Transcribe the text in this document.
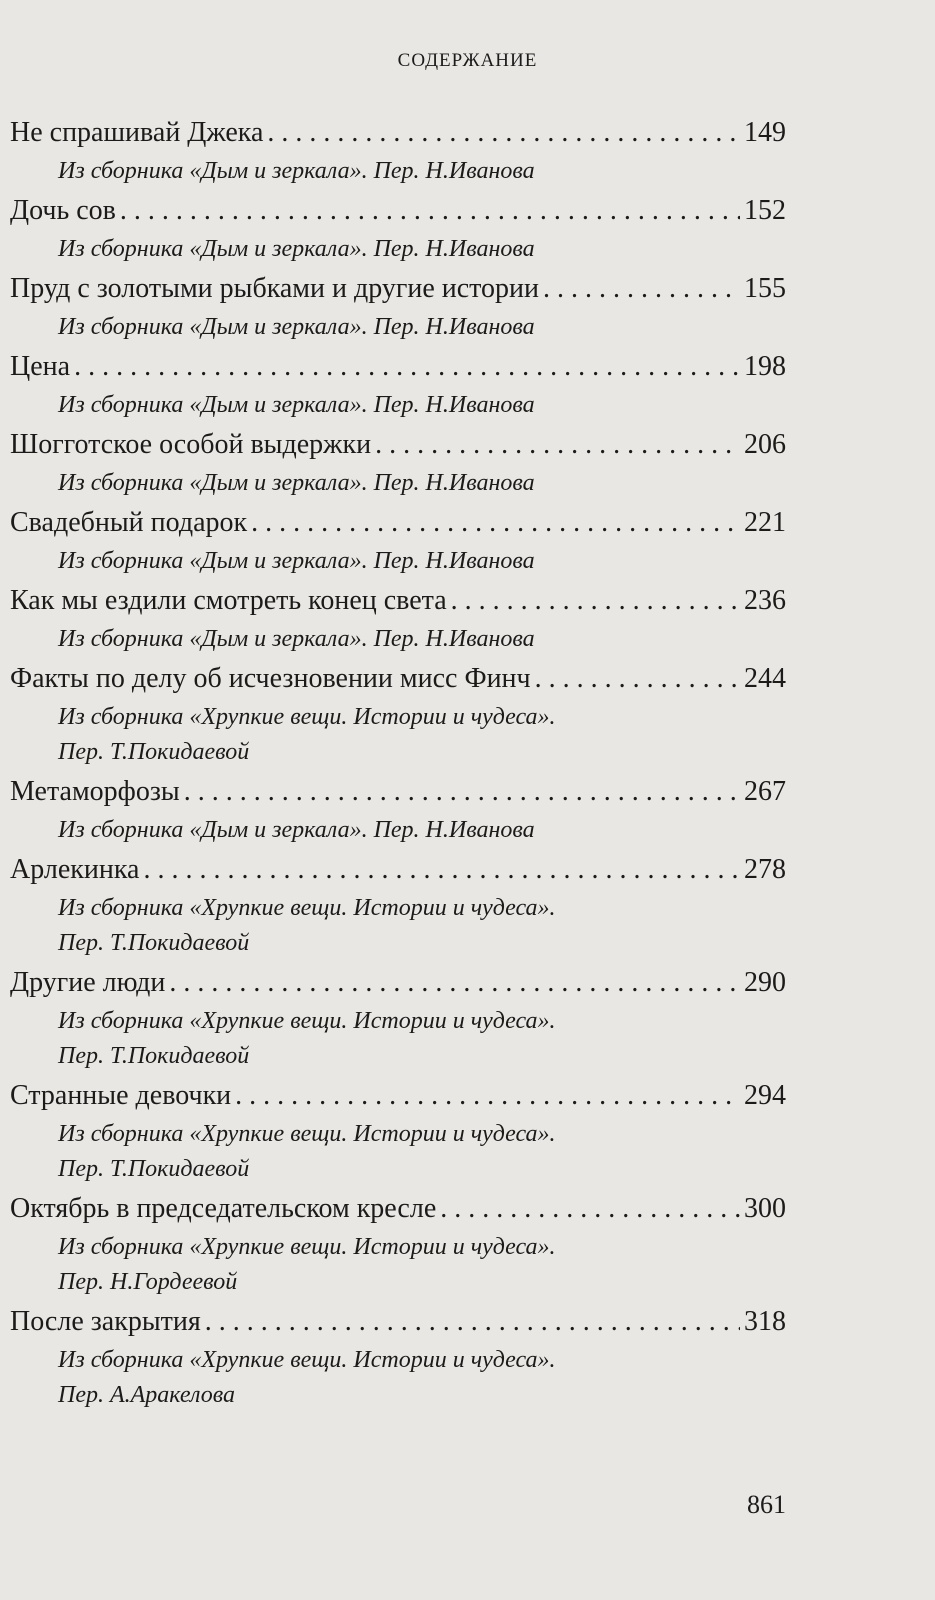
СОДЕРЖАНИЕ
Не спрашивай Джека . . .	149
Из сборника «Дым и зеркала». Пер. Н.Иванова
Дочь сов . . .	152
Из сборника «Дым и зеркала». Пер. Н.Иванова
Пруд с золотыми рыбками и другие истории . . .	155
Из сборника «Дым и зеркала». Пер. Н.Иванова
Цена . . .	198
Из сборника «Дым и зеркала». Пер. Н.Иванова
Шогготское особой выдержки . . .	206
Из сборника «Дым и зеркала». Пер. Н.Иванова
Свадебный подарок . . .	221
Из сборника «Дым и зеркала». Пер. Н.Иванова
Как мы ездили смотреть конец света . . .	236
Из сборника «Дым и зеркала». Пер. Н.Иванова
Факты по делу об исчезновении мисс Финч . . .	244
Из сборника «Хрупкие вещи. Истории и чудеса».
Пер. Т.Покидаевой
Метаморфозы . . .	267
Из сборника «Дым и зеркала». Пер. Н.Иванова
Арлекинка . . .	278
Из сборника «Хрупкие вещи. Истории и чудеса».
Пер. Т.Покидаевой
Другие люди . . .	290
Из сборника «Хрупкие вещи. Истории и чудеса».
Пер. Т.Покидаевой
Странные девочки . . .	294
Из сборника «Хрупкие вещи. Истории и чудеса».
Пер. Т.Покидаевой
Октябрь в председательском кресле . . .	300
Из сборника «Хрупкие вещи. Истории и чудеса».
Пер. Н.Гордеевой
После закрытия . . .	318
Из сборника «Хрупкие вещи. Истории и чудеса».
Пер. А.Аракелова
861
